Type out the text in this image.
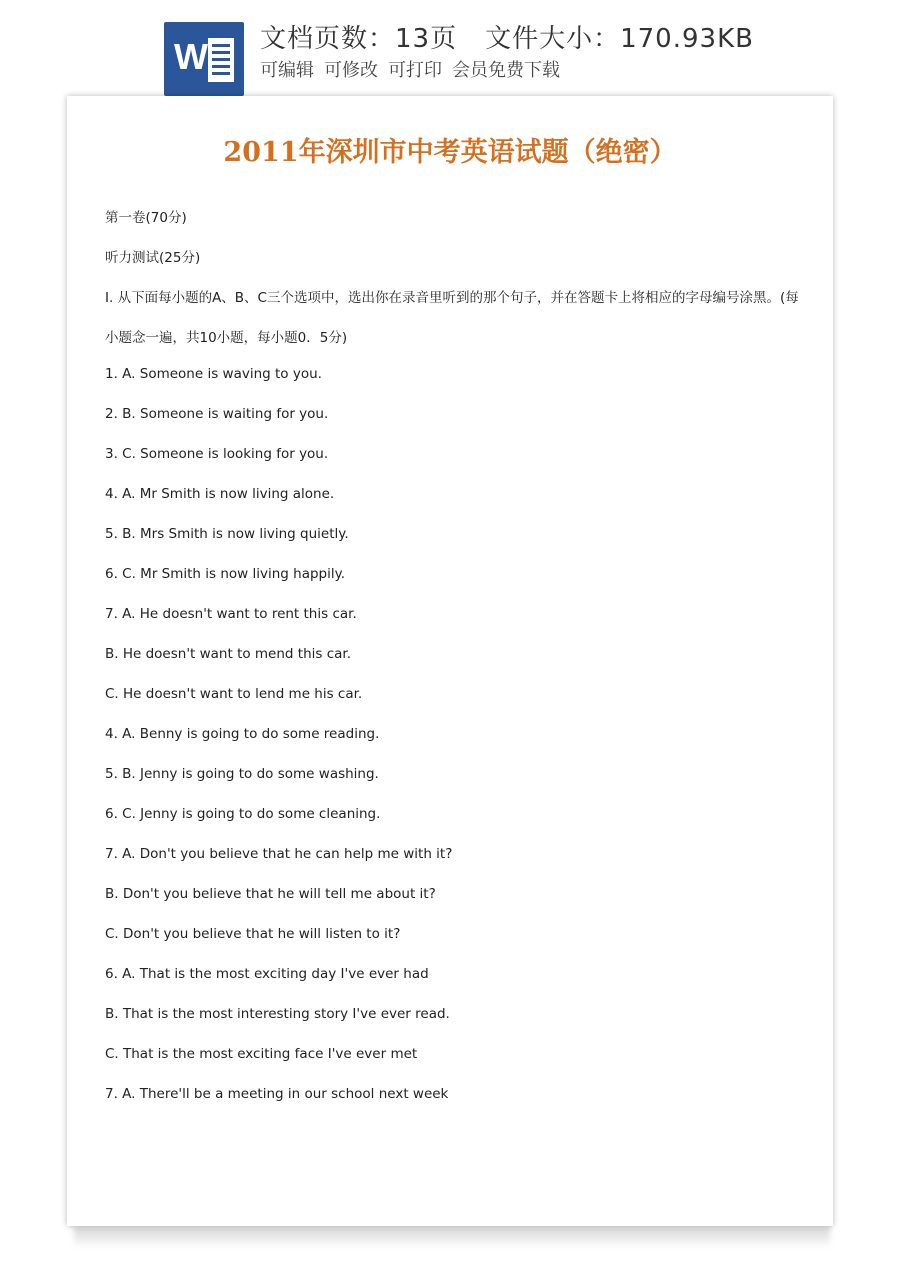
W 文档页数：13页 文件大小：170.93KB
可编辑 可修改 可打印 会员免费下载
2011年深圳市中考英语试题（绝密）
第一卷(70分)
听力测试(25分)
I. 从下面每小题的A、B、C三个选项中，选出你在录音里听到的那个句子，并在答题卡上将相应的字母编号涂黑。(每
小题念一遍，共10小题，每小题0．5分)
1. A. Someone is waving to you.
2. B. Someone is waiting for you.
3. C. Someone is looking for you.
4. A. Mr Smith is now living alone.
5. B. Mrs Smith is now living quietly.
6. C. Mr Smith is now living happily.
7. A. He doesn't want to rent this car.
B. He doesn't want to mend this car.
C. He doesn't want to lend me his car.
4. A. Benny is going to do some reading.
5. B. Jenny is going to do some washing.
6. C. Jenny is going to do some cleaning.
7. A. Don't you believe that he can help me with it?
B. Don't you believe that he will tell me about it?
C. Don't you believe that he will listen to it?
6. A. That is the most exciting day I've ever had
B. That is the most interesting story I've ever read.
C. That is the most exciting face I've ever met
7. A. There'll be a meeting in our school next week
